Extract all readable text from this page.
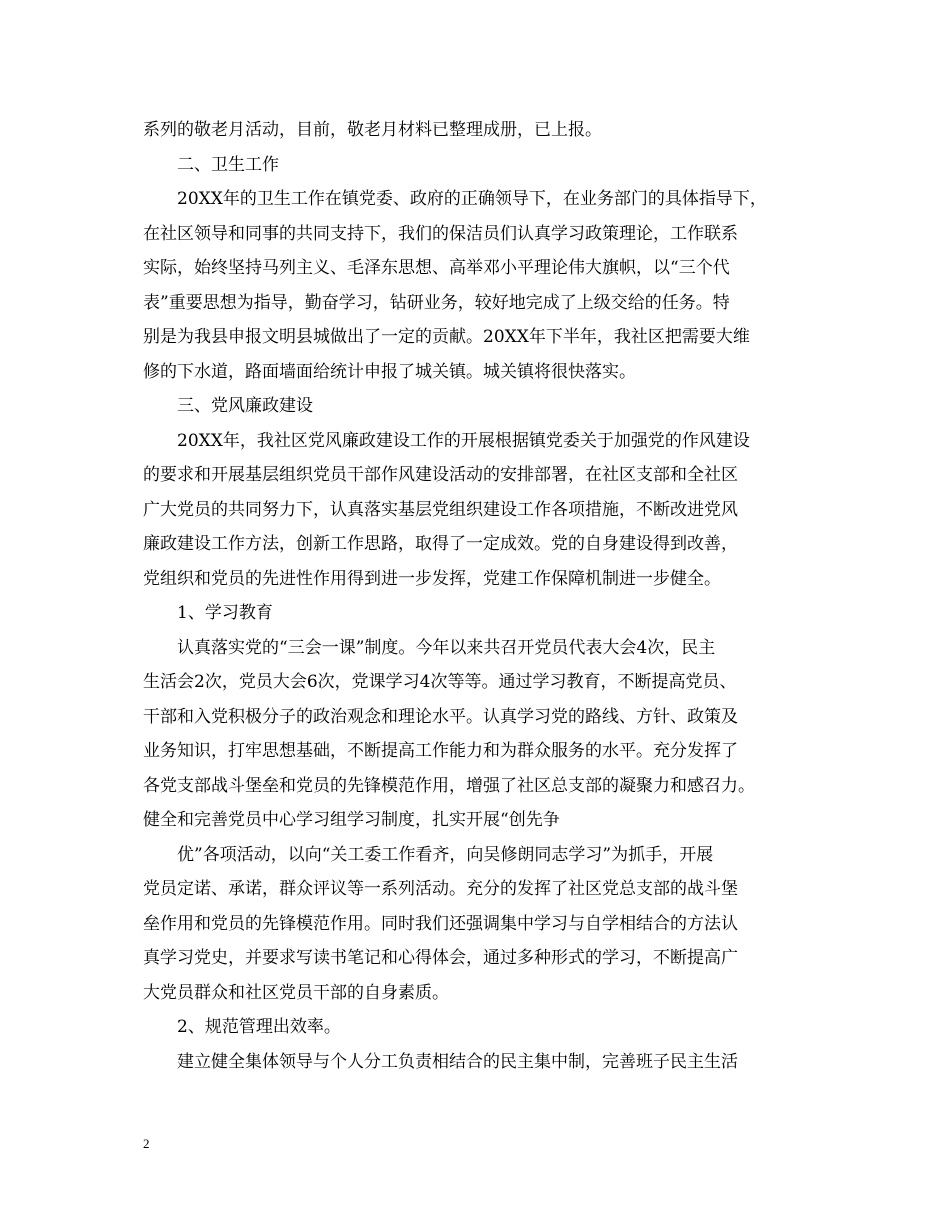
系列的敬老月活动，目前，敬老月材料已整理成册，已上报。

　　二、卫生工作

　　20XX年的卫生工作在镇党委、政府的正确领导下，在业务部门的具体指导下，

在社区领导和同事的共同支持下，我们的保洁员们认真学习政策理论，工作联系

实际，始终坚持马列主义、毛泽东思想、高举邓小平理论伟大旗帜，以“三个代

表”重要思想为指导，勤奋学习，钻研业务，较好地完成了上级交给的任务。特

别是为我县申报文明县城做出了一定的贡献。20XX年下半年，我社区把需要大维

修的下水道，路面墙面给统计申报了城关镇。城关镇将很快落实。

　　三、党风廉政建设

　　20XX年，我社区党风廉政建设工作的开展根据镇党委关于加强党的作风建设

的要求和开展基层组织党员干部作风建设活动的安排部署，在社区支部和全社区

广大党员的共同努力下，认真落实基层党组织建设工作各项措施，不断改进党风

廉政建设工作方法，创新工作思路，取得了一定成效。党的自身建设得到改善，

党组织和党员的先进性作用得到进一步发挥，党建工作保障机制进一步健全。

　　1、学习教育

　　认真落实党的“三会一课”制度。今年以来共召开党员代表大会4次，民主

生活会2次，党员大会6次，党课学习4次等等。通过学习教育，不断提高党员、

干部和入党积极分子的政治观念和理论水平。认真学习党的路线、方针、政策及

业务知识，打牢思想基础，不断提高工作能力和为群众服务的水平。充分发挥了

各党支部战斗堡垒和党员的先锋模范作用，增强了社区总支部的凝聚力和感召力。

健全和完善党员中心学习组学习制度，扎实开展“创先争

　　优”各项活动，以向“关工委工作看齐，向吴修朗同志学习”为抓手，开展

党员定诺、承诺，群众评议等一系列活动。充分的发挥了社区党总支部的战斗堡

垒作用和党员的先锋模范作用。同时我们还强调集中学习与自学相结合的方法认

真学习党史，并要求写读书笔记和心得体会，通过多种形式的学习，不断提高广

大党员群众和社区党员干部的自身素质。

　　2、规范管理出效率。

　　建立健全集体领导与个人分工负责相结合的民主集中制，完善班子民主生活

2
